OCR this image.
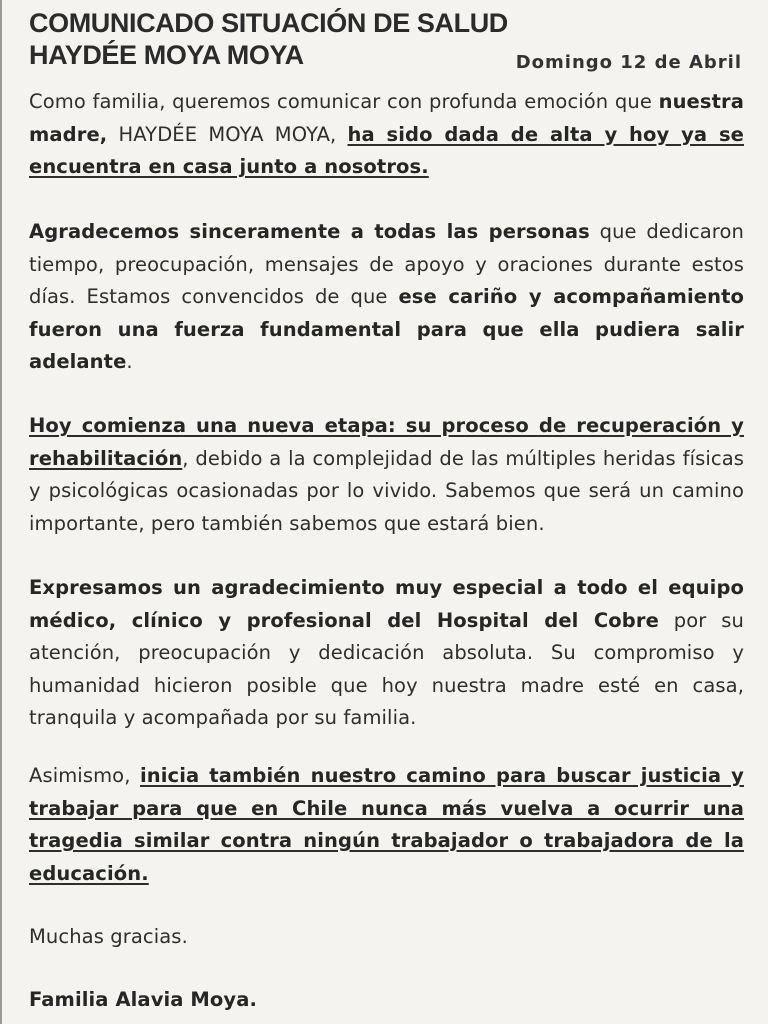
COMUNICADO SITUACIÓN DE SALUD
HAYDÉE MOYA MOYA	Domingo 12 de Abril
Como familia, queremos comunicar con profunda emoción que nuestra madre, HAYDÉE MOYA MOYA, ha sido dada de alta y hoy ya se encuentra en casa junto a nosotros.
Agradecemos sinceramente a todas las personas que dedicaron tiempo, preocupación, mensajes de apoyo y oraciones durante estos días. Estamos convencidos de que ese cariño y acompañamiento fueron una fuerza fundamental para que ella pudiera salir adelante.
Hoy comienza una nueva etapa: su proceso de recuperación y rehabilitación, debido a la complejidad de las múltiples heridas físicas y psicológicas ocasionadas por lo vivido. Sabemos que será un camino importante, pero también sabemos que estará bien.
Expresamos un agradecimiento muy especial a todo el equipo médico, clínico y profesional del Hospital del Cobre por su atención, preocupación y dedicación absoluta. Su compromiso y humanidad hicieron posible que hoy nuestra madre esté en casa, tranquila y acompañada por su familia.
Asimismo, inicia también nuestro camino para buscar justicia y trabajar para que en Chile nunca más vuelva a ocurrir una tragedia similar contra ningún trabajador o trabajadora de la educación.
Muchas gracias.
Familia Alavia Moya.
